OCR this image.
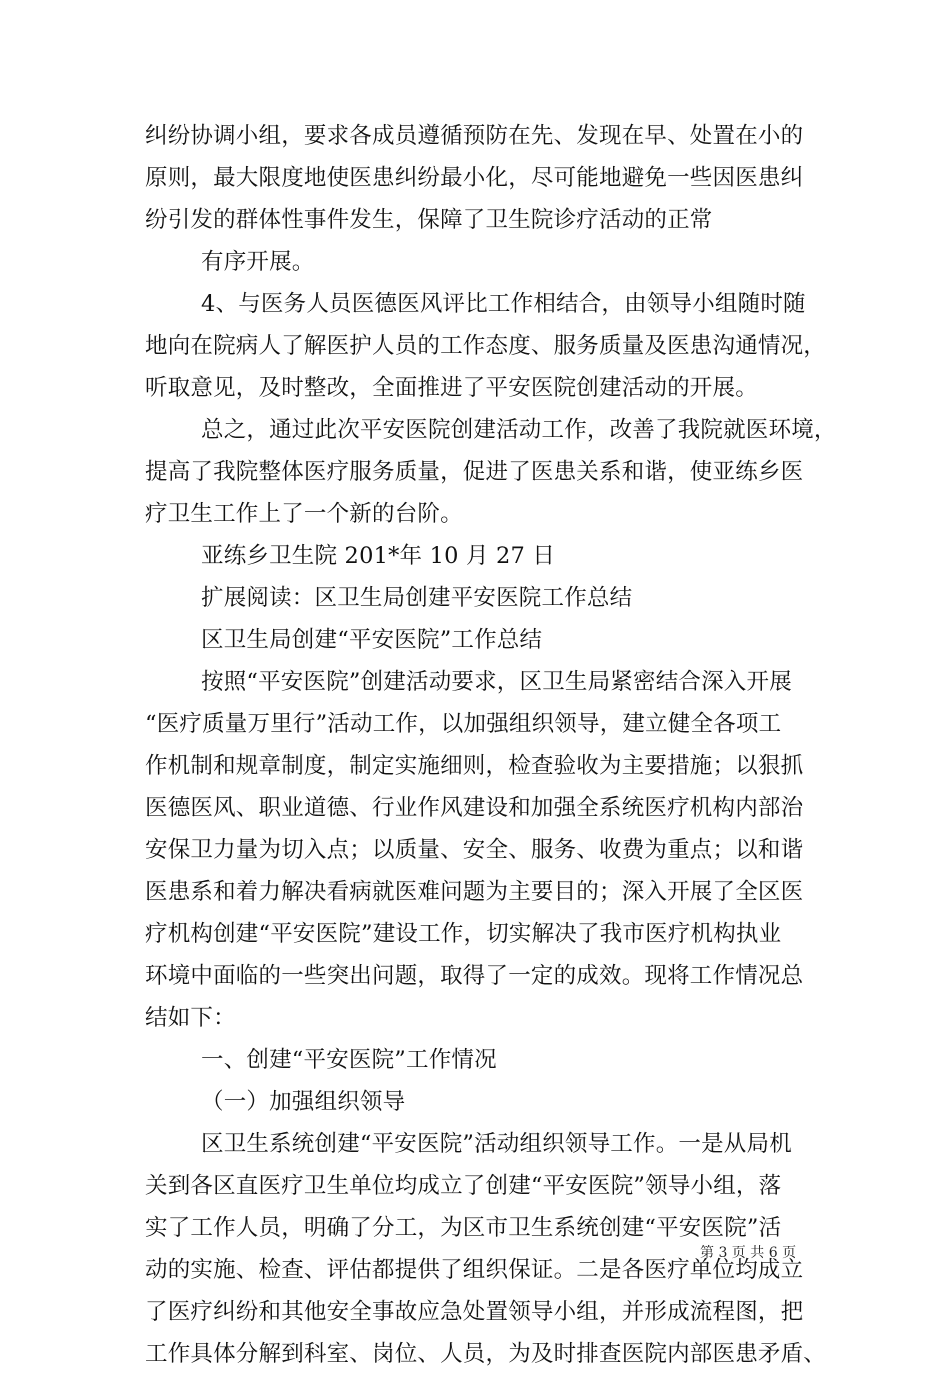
纠纷协调小组，要求各成员遵循预防在先、发现在早、处置在小的
原则，最大限度地使医患纠纷最小化，尽可能地避免一些因医患纠
纷引发的群体性事件发生，保障了卫生院诊疗活动的正常
有序开展。
4、与医务人员医德医风评比工作相结合，由领导小组随时随
地向在院病人了解医护人员的工作态度、服务质量及医患沟通情况，
听取意见，及时整改，全面推进了平安医院创建活动的开展。
总之，通过此次平安医院创建活动工作，改善了我院就医环境，
提高了我院整体医疗服务质量，促进了医患关系和谐，使亚练乡医
疗卫生工作上了一个新的台阶。
亚练乡卫生院 201*年 10 月 27 日
扩展阅读：区卫生局创建平安医院工作总结
区卫生局创建“平安医院”工作总结
按照“平安医院”创建活动要求，区卫生局紧密结合深入开展
“医疗质量万里行”活动工作，以加强组织领导，建立健全各项工
作机制和规章制度，制定实施细则，检查验收为主要措施；以狠抓
医德医风、职业道德、行业作风建设和加强全系统医疗机构内部治
安保卫力量为切入点；以质量、安全、服务、收费为重点；以和谐
医患系和着力解决看病就医难问题为主要目的；深入开展了全区医
疗机构创建“平安医院”建设工作，切实解决了我市医疗机构执业
环境中面临的一些突出问题，取得了一定的成效。现将工作情况总
结如下：
一、创建“平安医院”工作情况
（一）加强组织领导
区卫生系统创建“平安医院”活动组织领导工作。一是从局机
关到各区直医疗卫生单位均成立了创建“平安医院”领导小组，落
实了工作人员，明确了分工，为区市卫生系统创建“平安医院”活
动的实施、检查、评估都提供了组织保证。二是各医疗单位均成立
了医疗纠纷和其他安全事故应急处置领导小组，并形成流程图，把
工作具体分解到科室、岗位、人员，为及时排查医院内部医患矛盾、
第 3 页 共 6 页
